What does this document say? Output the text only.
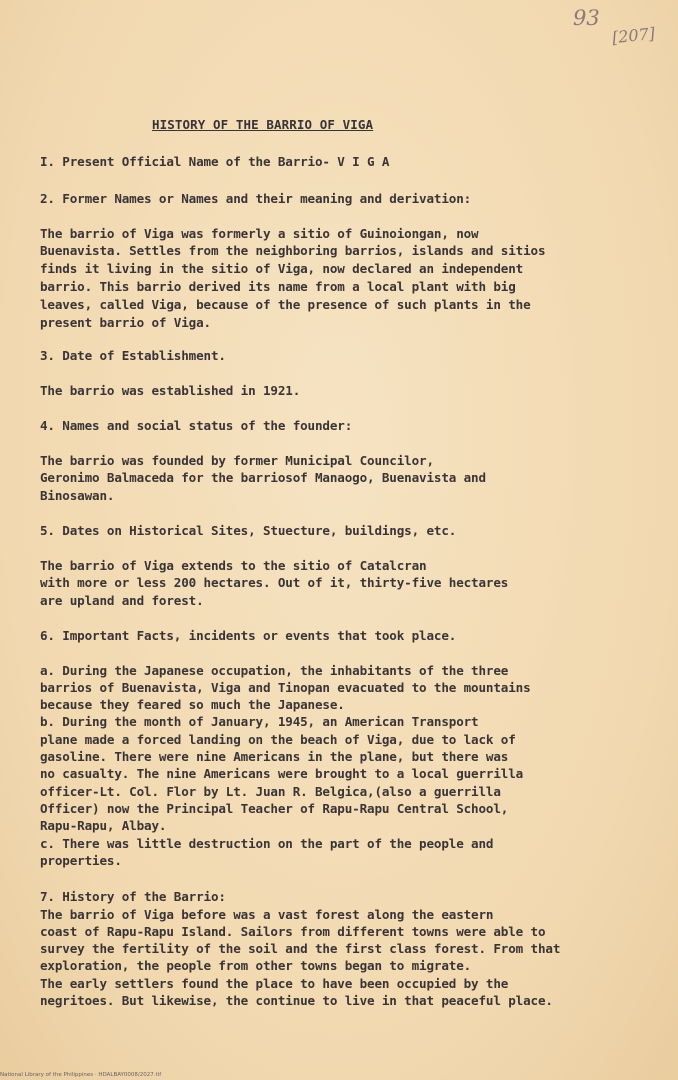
93
[207]
HISTORY OF THE BARRIO OF VIGA
I. Present Official Name of the Barrio- V I G A
2. Former Names or Names and their meaning and derivation:
The barrio of Viga was formerly a sitio of Guinoiongan, now
Buenavista. Settles from the neighboring barrios, islands and sitios
finds it living in the sitio of Viga, now declared an independent
barrio. This barrio derived its name from a local plant with big
leaves, called Viga, because of the presence of such plants in the
present barrio of Viga.
3. Date of Establishment.
The barrio was established in 1921.
4. Names and social status of the founder:
The barrio was founded by former Municipal Councilor,
Geronimo Balmaceda for the barriosof Manaogo, Buenavista and
Binosawan.
5. Dates on Historical Sites, Stuecture, buildings, etc.
The barrio of Viga extends to the sitio of Catalcran
with more or less 200 hectares. Out of it, thirty-five hectares
are upland and forest.
6. Important Facts, incidents or events that took place.
a. During the Japanese occupation, the inhabitants of the three
barrios of Buenavista, Viga and Tinopan evacuated to the mountains
because they feared so much the Japanese.
b. During the month of January, 1945, an American Transport
plane made a forced landing on the beach of Viga, due to lack of
gasoline. There were nine Americans in the plane, but there was
no casualty. The nine Americans were brought to a local guerrilla
officer-Lt. Col. Flor by Lt. Juan R. Belgica,(also a guerrilla
Officer) now the Principal Teacher of Rapu-Rapu Central School,
Rapu-Rapu, Albay.
c. There was little destruction on the part of the people and
properties.
7. History of the Barrio:
The barrio of Viga before was a vast forest along the eastern
coast of Rapu-Rapu Island. Sailors from different towns were able to
survey the fertility of the soil and the first class forest. From that
exploration, the people from other towns began to migrate.
The early settlers found the place to have been occupied by the
negritoes. But likewise, the continue to live in that peaceful place.
National Library of the Philippines · HDALBAY0008/2027.tif
